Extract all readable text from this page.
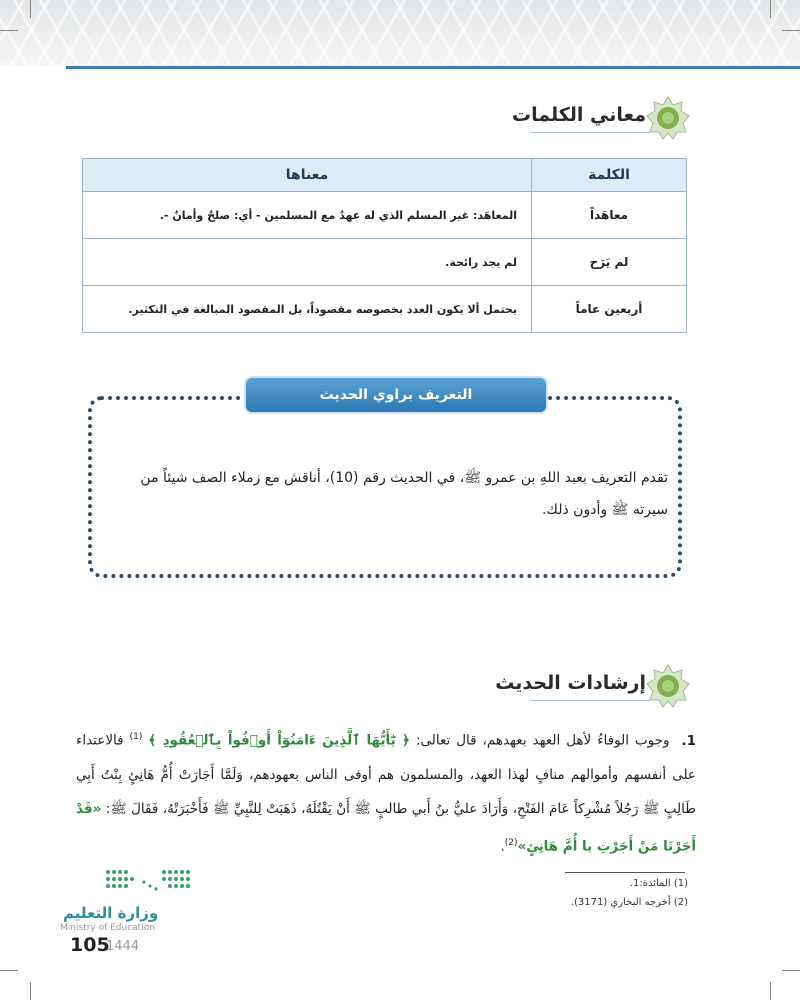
معاني الكلمات
الكلمة	معناها
معاهَداً	المعاهَد: غير المسلم الذي له عهدٌ مع المسلمين - أي: صلحٌ وأمانٌ -.
لم يَرَح	لم يجد رائحة.
أربعين عاماً	يحتمل ألا يكون العدد بخصوصه مقصوداً، بل المقصود المبالغة في التكثير.
التعريف براوي الحديث
تقدم التعريف بعبد اللهِ بن عمرو ﷺ، في الحديث رقم (10)، أناقش مع زملاء الصف شيئاً من سيرته ﷺ وأدون ذلك.
إرشادات الحديث
1. وجوب الوفاءُ لأهل العهد بعهدهم، قال تعالى: ﴿ يَٰٓأَيُّهَا ٱلَّذِينَ ءَامَنُوٓاْ أَوۡفُواْ بِٱلۡعُقُودِ ﴾ $^{(1)}$ فالاعتداء على أنفسهم وأموالهم منافٍ لهذا العهد، والمسلمون هم أوفى الناس بعهودهم، وَلَمَّا أَجَارَتْ أُمُّ هَانِئٍ بِنْتُ أَبِي طَالِبٍ ﷺ رَجُلاً مُشْرِكاً عَامَ الفَتْحِ، وَأَرَادَ عليُّ بنُ أَبي طالبٍ ﷺ أَنْ يَقْتُلَهُ، ذَهَبَتْ لِلنَّبِيِّ ﷺ فَأَخْبَرَتْهُ، فَقَالَ ﷺ: «قَدْ أَجَرْنَا مَنْ أَجَرْتِ يا أُمَّ هَانِئٍ»$^{(2)}$.
(1) المائدة:1.
(2) أخرجه البخاري (3171).
وزارة التعليم
Ministry of Education
105
1444
